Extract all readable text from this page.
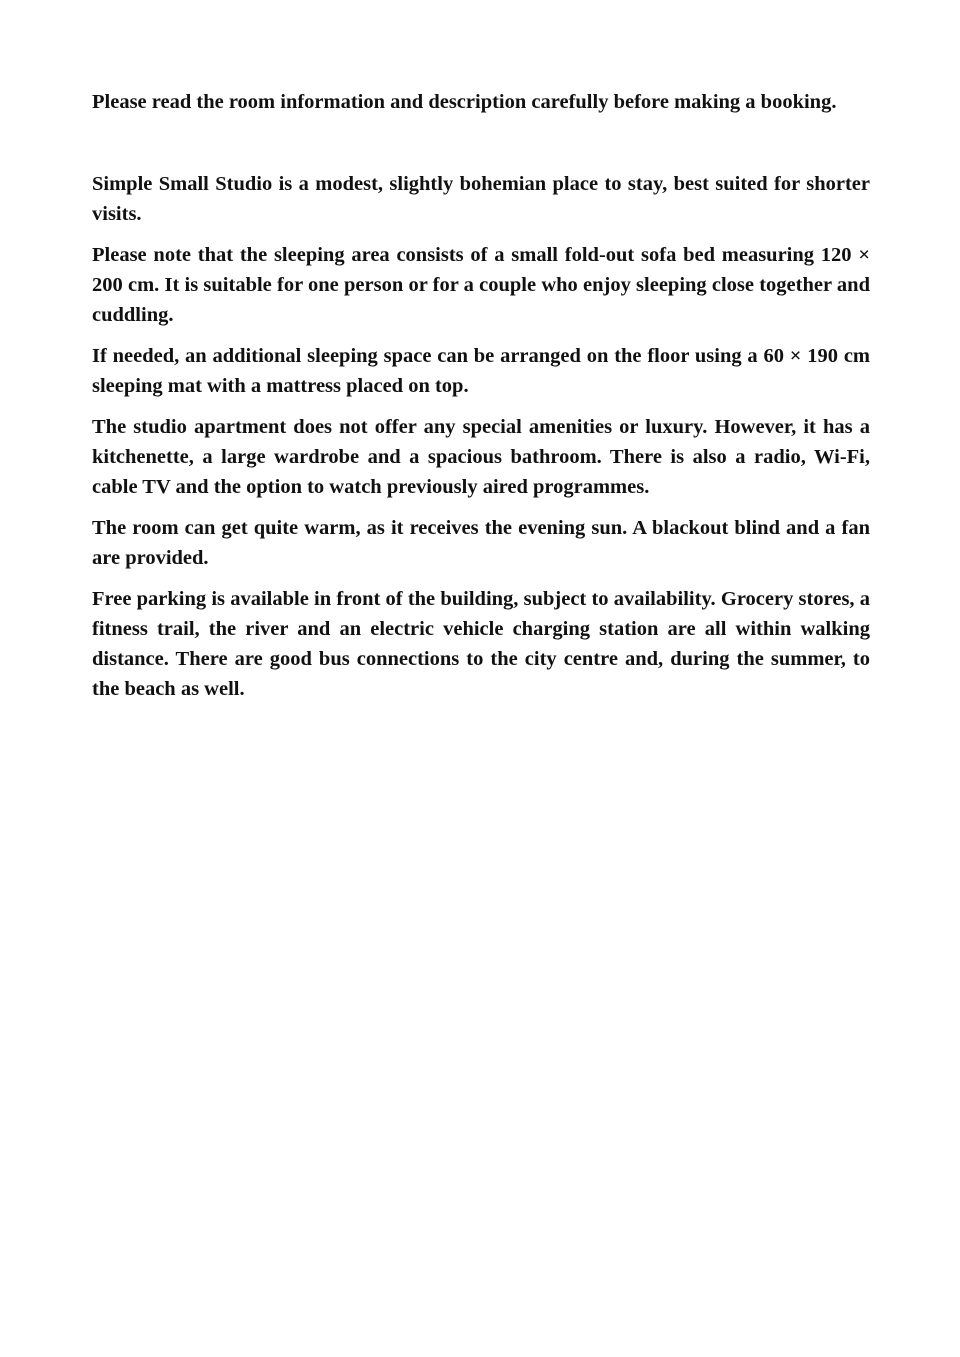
Please read the room information and description carefully before making a booking.

Simple Small Studio is a modest, slightly bohemian place to stay, best suited for shorter visits.

Please note that the sleeping area consists of a small fold-out sofa bed measuring 120 × 200 cm. It is suitable for one person or for a couple who enjoy sleeping close together and cuddling.

If needed, an additional sleeping space can be arranged on the floor using a 60 × 190 cm sleeping mat with a mattress placed on top.

The studio apartment does not offer any special amenities or luxury. However, it has a kitchenette, a large wardrobe and a spacious bathroom. There is also a radio, Wi-Fi, cable TV and the option to watch previously aired programmes.

The room can get quite warm, as it receives the evening sun. A blackout blind and a fan are provided.

Free parking is available in front of the building, subject to availability. Grocery stores, a fitness trail, the river and an electric vehicle charging station are all within walking distance. There are good bus connections to the city centre and, during the summer, to the beach as well.
